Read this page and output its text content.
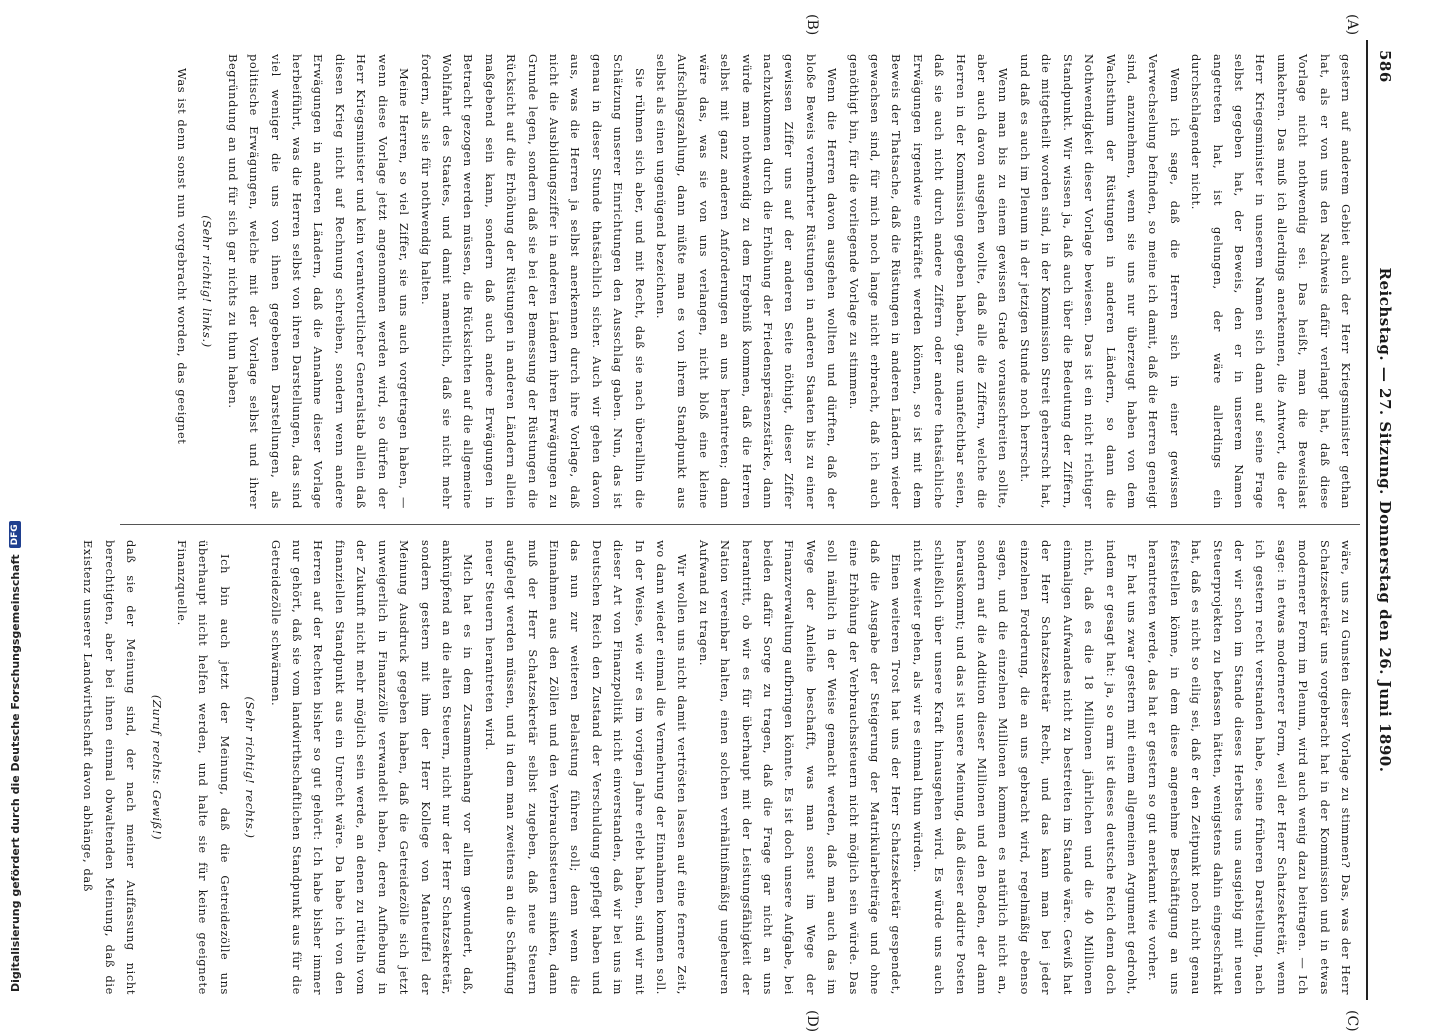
586
Reichstag. — 27. Sitzung. Donnerstag den 26. Juni 1890.
(A)
(B)
(C)
(D)

gestern auf anderem Gebiet auch der Herr Kriegsminister gethan hat, als er von uns den Nachweis dafür verlangt hat, daß diese Vorlage nicht nothwendig sei. Das heißt, man die Beweislast umkehren. Das muß ich allerdings anerkennen, die Antwort, die der Herr Kriegsminister in unserem Namen sich dann auf seine Frage selbst gegeben hat, der Beweis, den er in unserem Namen angetreten hat, ist gelungen, der wäre allerdings ein durchschlagender nicht.

Wenn ich sage, daß die Herren sich in einer gewissen Verwechselung befinden, so meine ich damit, daß die Herren geneigt sind, anzunehmen, wenn sie uns nur überzeugt haben von dem Wachsthum der Rüstungen in anderen Ländern, so dann die Nothwendigkeit dieser Vorlage bewiesen. Das ist ein nicht richtiger Standpunkt. Wir wissen ja, daß auch über die Bedeutung der Ziffern, die mitgetheilt worden sind, in der Kommission Streit geherrscht hat, und daß es auch im Plenum in der jetzigen Stunde noch herrscht.

Wenn man bis zu einem gewissen Grade vorausschreiten sollte, aber auch davon ausgehen wollte, daß alle die Ziffern, welche die Herren in der Kommission gegeben haben, ganz unanfechtbar seien, daß sie auch nicht durch andere Ziffern oder andere thatsächliche Erwägungen irgendwie entkräftet werden können, so ist mit dem Beweis der Thatsache, daß die Rüstungen in anderen Ländern wieder gewachsen sind, für mich noch lange nicht erbracht, daß ich auch genöthigt bin, für die vorliegende Vorlage zu stimmen.

Wenn die Herren davon ausgehen wollten und dürften, daß der bloße Beweis vermehrter Rüstungen in anderen Staaten bis zu einer gewissen Ziffer uns auf der anderen Seite nöthigt, dieser Ziffer nachzukommen durch die Erhöhung der Friedenspräsenzstärke, dann würde man nothwendig zu dem Ergebniß kommen, daß die Herren selbst mit ganz anderen Anforderungen an uns herantreten; dann wäre das, was sie von uns verlangen, nicht bloß eine kleine Aufschlagszahlung, dann müßte man es von ihrem Standpunkt aus selbst als einen ungenügend bezeichnen.

Sie rühmen sich aber, und mit Recht, daß sie nach überallhin die Schätzung unserer Einrichtungen den Ausschlag gaben. Nun, das ist genau in dieser Stunde thatsächlich sicher. Auch wir gehen davon aus, was die Herren ja selbst anerkennen durch ihre Vorlage, daß nicht die Ausbildungsziffer in anderen Ländern ihren Erwägungen zu Grunde legen, sondern daß sie bei der Bemessung der Rüstungen die Rücksicht auf die Erhöhung der Rüstungen in anderen Ländern allein maßgebend sein kann, sondern daß auch andere Erwägungen in Betracht gezogen werden müssen, die Rücksichten auf die allgemeine Wohlfahrt des Staates, und damit namentlich, daß sie nicht mehr fordern, als sie für nothwendig halten.

Meine Herren, so viel Ziffer, sie uns auch vorgetragen haben, — wenn diese Vorlage jetzt angenommen werden wird, so dürfen der Herr Kriegsminister und kein verantwortlicher Generalstab allein daß diesen Krieg nicht auf Rechnung schreiben, sondern wenn andere Erwägungen in anderen Ländern, daß die Annahme dieser Vorlage herbeiführt, was die Herren selbst von ihren Darstellungen, das sind viel weniger die uns von ihnen gegebenen Darstellungen, als politische Erwägungen, welche mit der Vorlage selbst und ihrer Begründung an und für sich gar nichts zu thun haben.

(Sehr richtig! links.)

Was ist denn sonst nun vorgebracht worden, das geeignet

wäre, uns zu Gunsten dieser Vorlage zu stimmen? Das, was der Herr Schatzsekretär uns vorgebracht hat in der Kommission und in etwas modernerer Form im Plenum, wird auch wenig dazu beitragen. — Ich sage: in etwas modernerer Form, weil der Herr Schatzsekretär, wenn ich gestern recht verstanden habe, seine früheren Darstellung, nach der wir schon im Stande dieses Herbstes uns ausgiebig mit neuen Steuerprojekten zu befassen hätten, wenigstens dahin eingeschränkt hat, daß es nicht so eilig sei, daß er den Zeitpunkt noch nicht genau feststellen könne, in dem diese angenehme Beschäftigung an uns herantreten werde, das hat er gestern so gut anerkannt wie vorher.

Er hat uns zwar gestern mit einem allgemeinen Argument gedroht, indem er gesagt hat: ja, so arm ist dieses deutsche Reich denn doch nicht, daß es die 18 Millionen jährlichen und die 40 Millionen einmaligen Aufwandes nicht zu bestreiten im Stande wäre. Gewiß hat der Herr Schatzsekretär Recht, und das kann man bei jeder einzelnen Forderung, die an uns gebracht wird, regelmäßig ebenso sagen, und die einzelnen Millionen kommen es natürlich nicht an, sondern auf die Addition dieser Millionen und den Boden, der dann herauskommt; und das ist unsere Meinung, daß dieser addirte Posten schließlich über unsere Kraft hinausgehen wird. Es würde uns auch nicht weiter gehen, als wir es einmal thun würden.

Einen weiteren Trost hat uns der Herr Schatzsekretär gespendet, daß die Ausgabe der Steigerung der Matrikularbeiträge und ohne eine Erhöhung der Verbrauchssteuern nicht möglich sein würde. Das soll nämlich in der Weise gemacht werden, daß man auch das im Wege der Anleihe beschafft, was man sonst im Wege der Finanzverwaltung aufbringen könnte. Es ist doch unsere Aufgabe, bei beiden dafür Sorge zu tragen, daß die Frage gar nicht an uns herantritt, ob wir es für überhaupt mit der Leistungsfähigkeit der Nation vereinbar halten, einen solchen verhältnißmäßig ungeheuren Aufwand zu tragen.

Wir wollen uns nicht damit vertrösten lassen auf eine fernere Zeit, wo dann wieder einmal die Vermehrung der Einnahmen kommen soll. In der Weise, wie wir es im vorigen Jahre erlebt haben, sind wir mit dieser Art von Finanzpolitik nicht einverstanden, daß wir bei uns im Deutschen Reich den Zustand der Verschuldung gepflegt haben und das nun zur weiteren Belastung führen soll; denn wenn die Einnahmen aus den Zöllen und den Verbrauchssteuern sinken, dann muß der Herr Schatzsekretär selbst zugeben, daß neue Steuern aufgelegt werden müssen, und in dem man zweitens an die Schaffung neuer Steuern herantreten wird.

Mich hat es in dem Zusammenhang vor allem gewundert, daß, anknüpfend an die alten Steuern, nicht nur der Herr Schatzsekretär, sondern gestern mit ihm der Herr Kollege von Manteuffel der Meinung Ausdruck gegeben haben, daß die Getreidezölle sich jetzt unweigerlich in Finanzzölle verwandelt haben, deren Aufhebung in der Zukunft nicht mehr möglich sein werde, an denen zu rütteln vom finanziellen Standpunkt aus ein Unrecht wäre. Da habe ich von den Herren auf der Rechten bisher so gut gehört: Ich habe bisher immer nur gehört, daß sie vom landwirthschaftlichen Standpunkt aus für die Getreidezölle schwärmen.

(Sehr richtig! rechts.)

Ich bin auch jetzt der Meinung, daß die Getreidezölle uns überhaupt nicht helfen werden, und halte sie für keine geeignete Finanzquelle.

(Zuruf rechts: Gewiß!)

daß sie der Meinung sind, der nach meiner Auffassung nicht berechtigten, aber bei ihnen einmal obwaltenden Meinung, daß die Existenz unserer Landwirthschaft davon abhänge, daß

Digitalisierung gefördert durch die Deutsche Forschungsgemeinschaft
DFG
